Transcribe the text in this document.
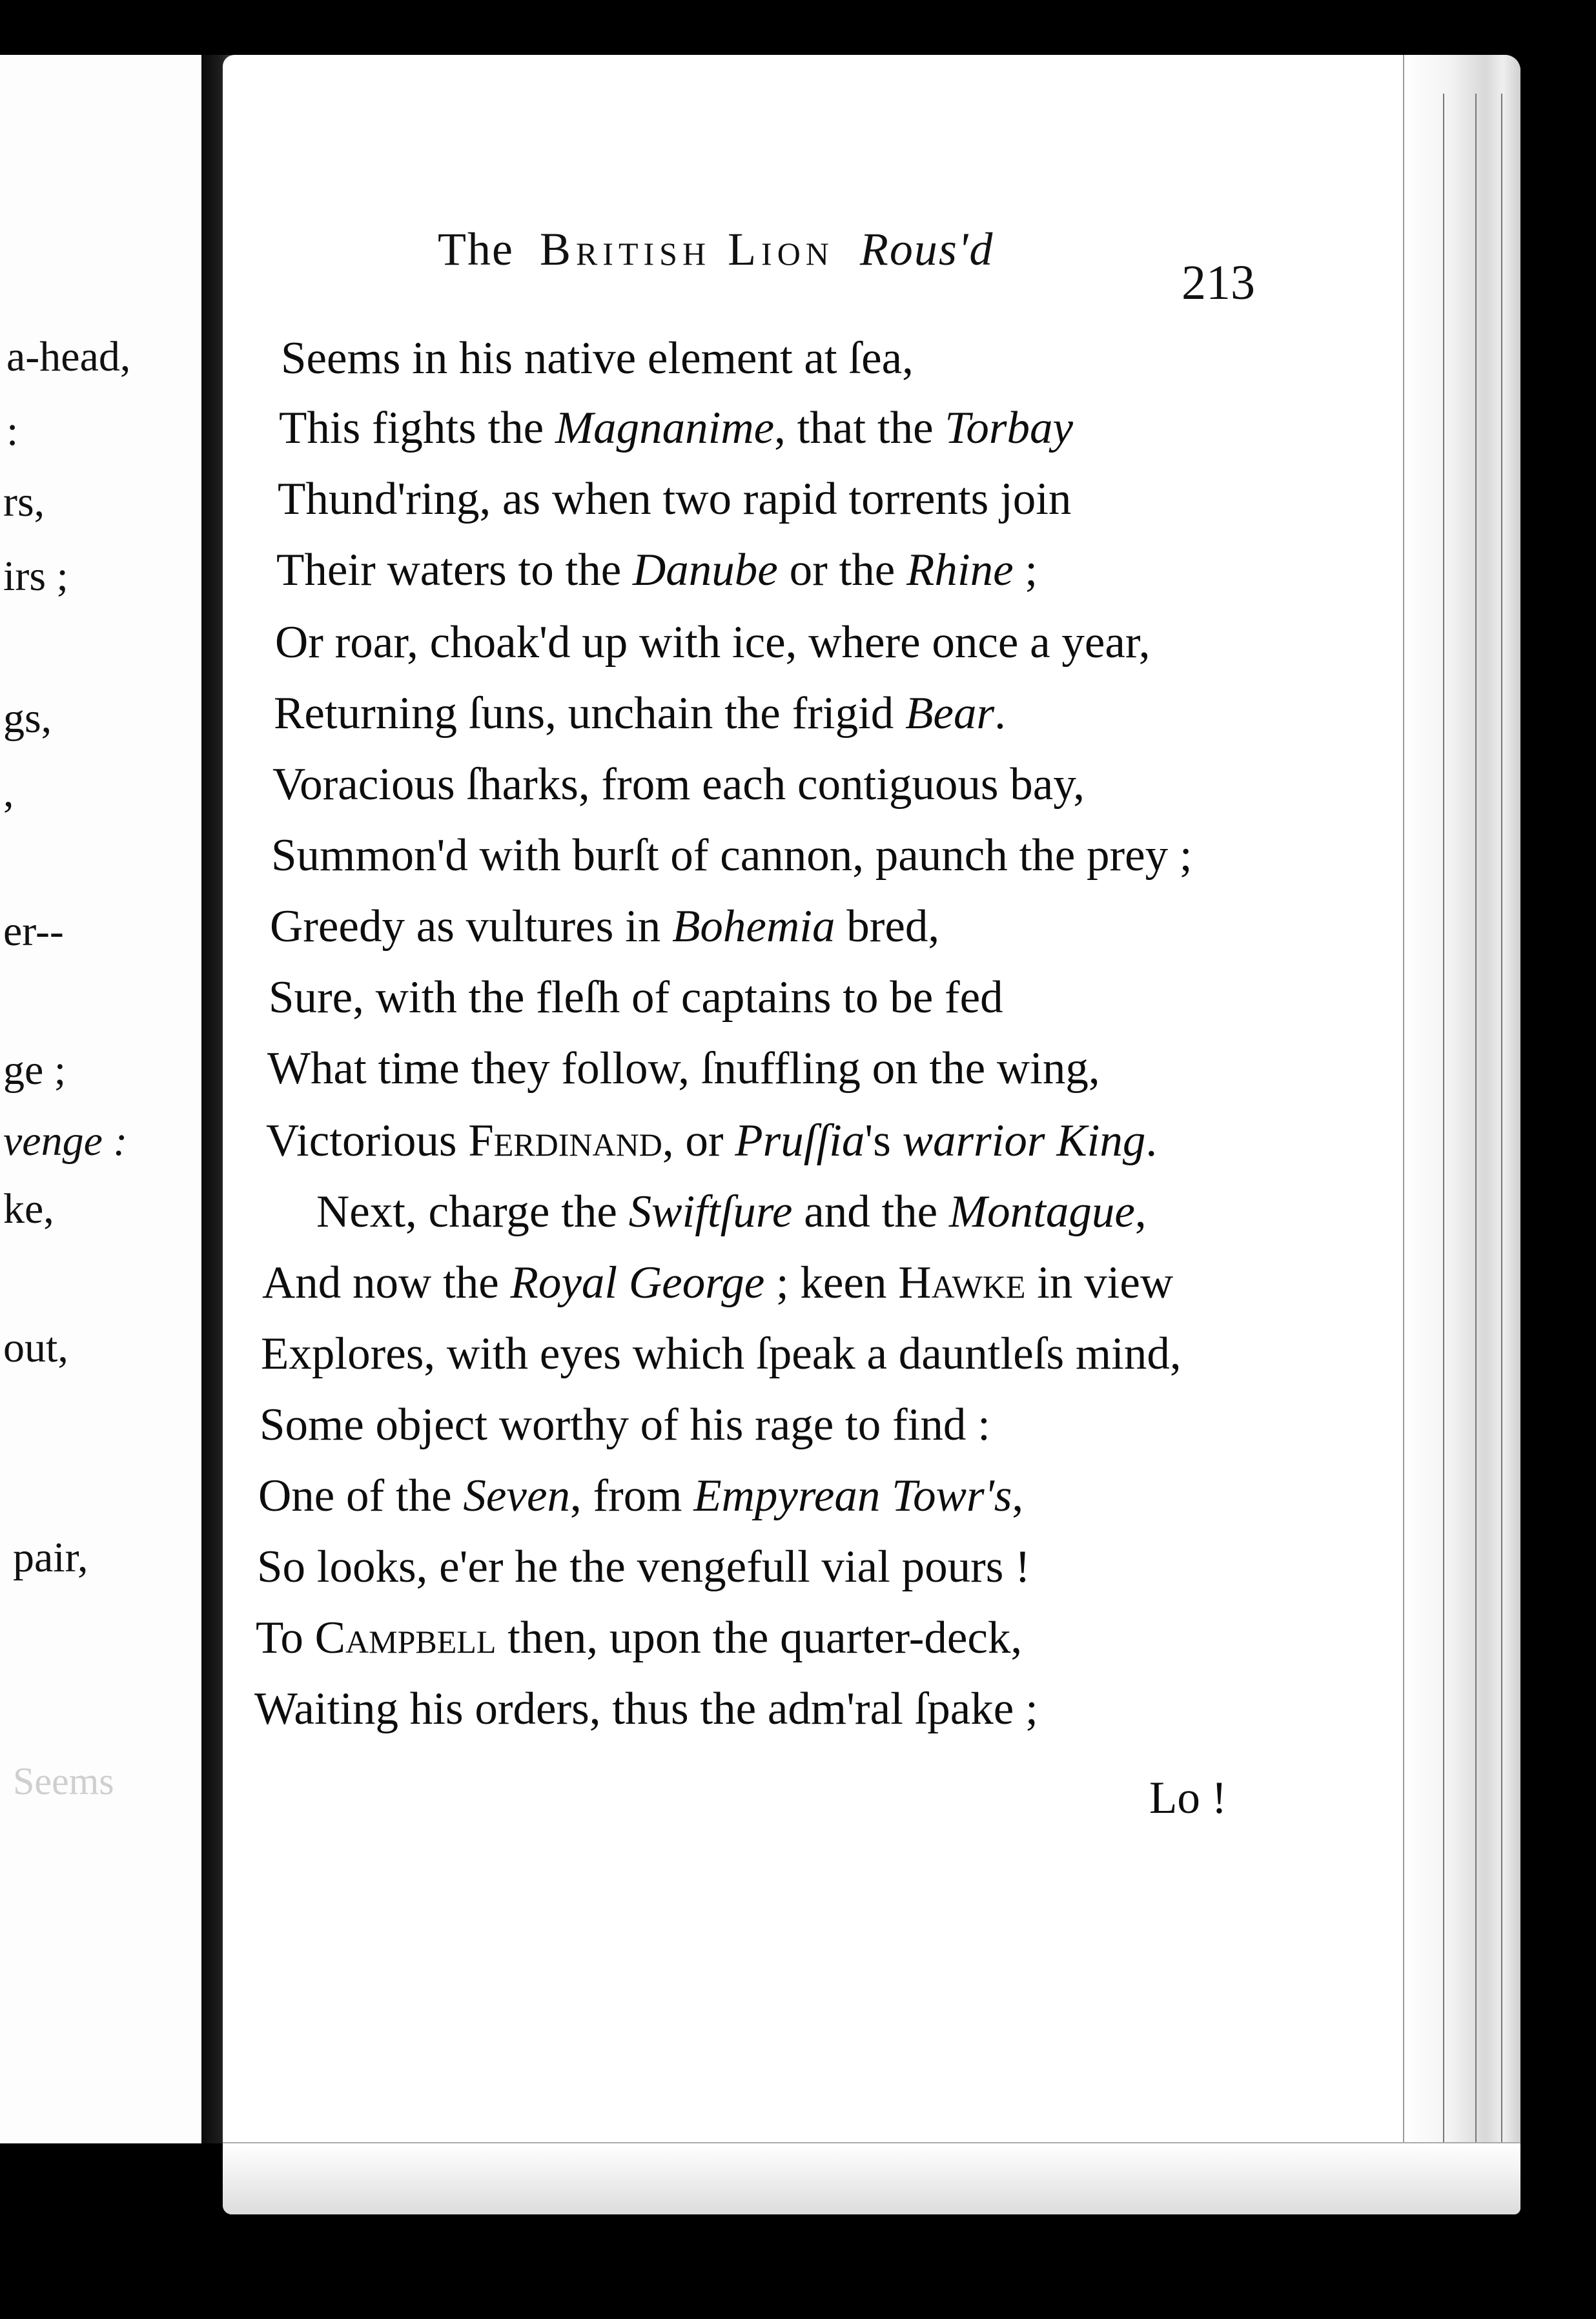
a-head,
:
rs,
irs ;
gs,
,
er--
ge ;
venge :
ke,
out,
pair,
Seems
The British Lion Rous'd
213
Seems in his native element at ſea,
This fights the Magnanime, that the Torbay
Thund'ring, as when two rapid torrents join
Their waters to the Danube or the Rhine ;
Or roar, choak'd up with ice, where once a year,
Returning ſuns, unchain the frigid Bear.
Voracious ſharks, from each contiguous bay,
Summon'd with burſt of cannon, paunch the prey ;
Greedy as vultures in Bohemia bred,
Sure, with the fleſh of captains to be fed
What time they follow, ſnuffling on the wing,
Victorious Ferdinand, or Pruſſia's warrior King.
Next, charge the Swiftſure and the Montague,
And now the Royal George ; keen Hawke in view
Explores, with eyes which ſpeak a dauntleſs mind,
Some object worthy of his rage to find :
One of the Seven, from Empyrean Towr's,
So looks, e'er he the vengefull vial pours !
To Campbell then, upon the quarter-deck,
Waiting his orders, thus the adm'ral ſpake ;
Lo !
